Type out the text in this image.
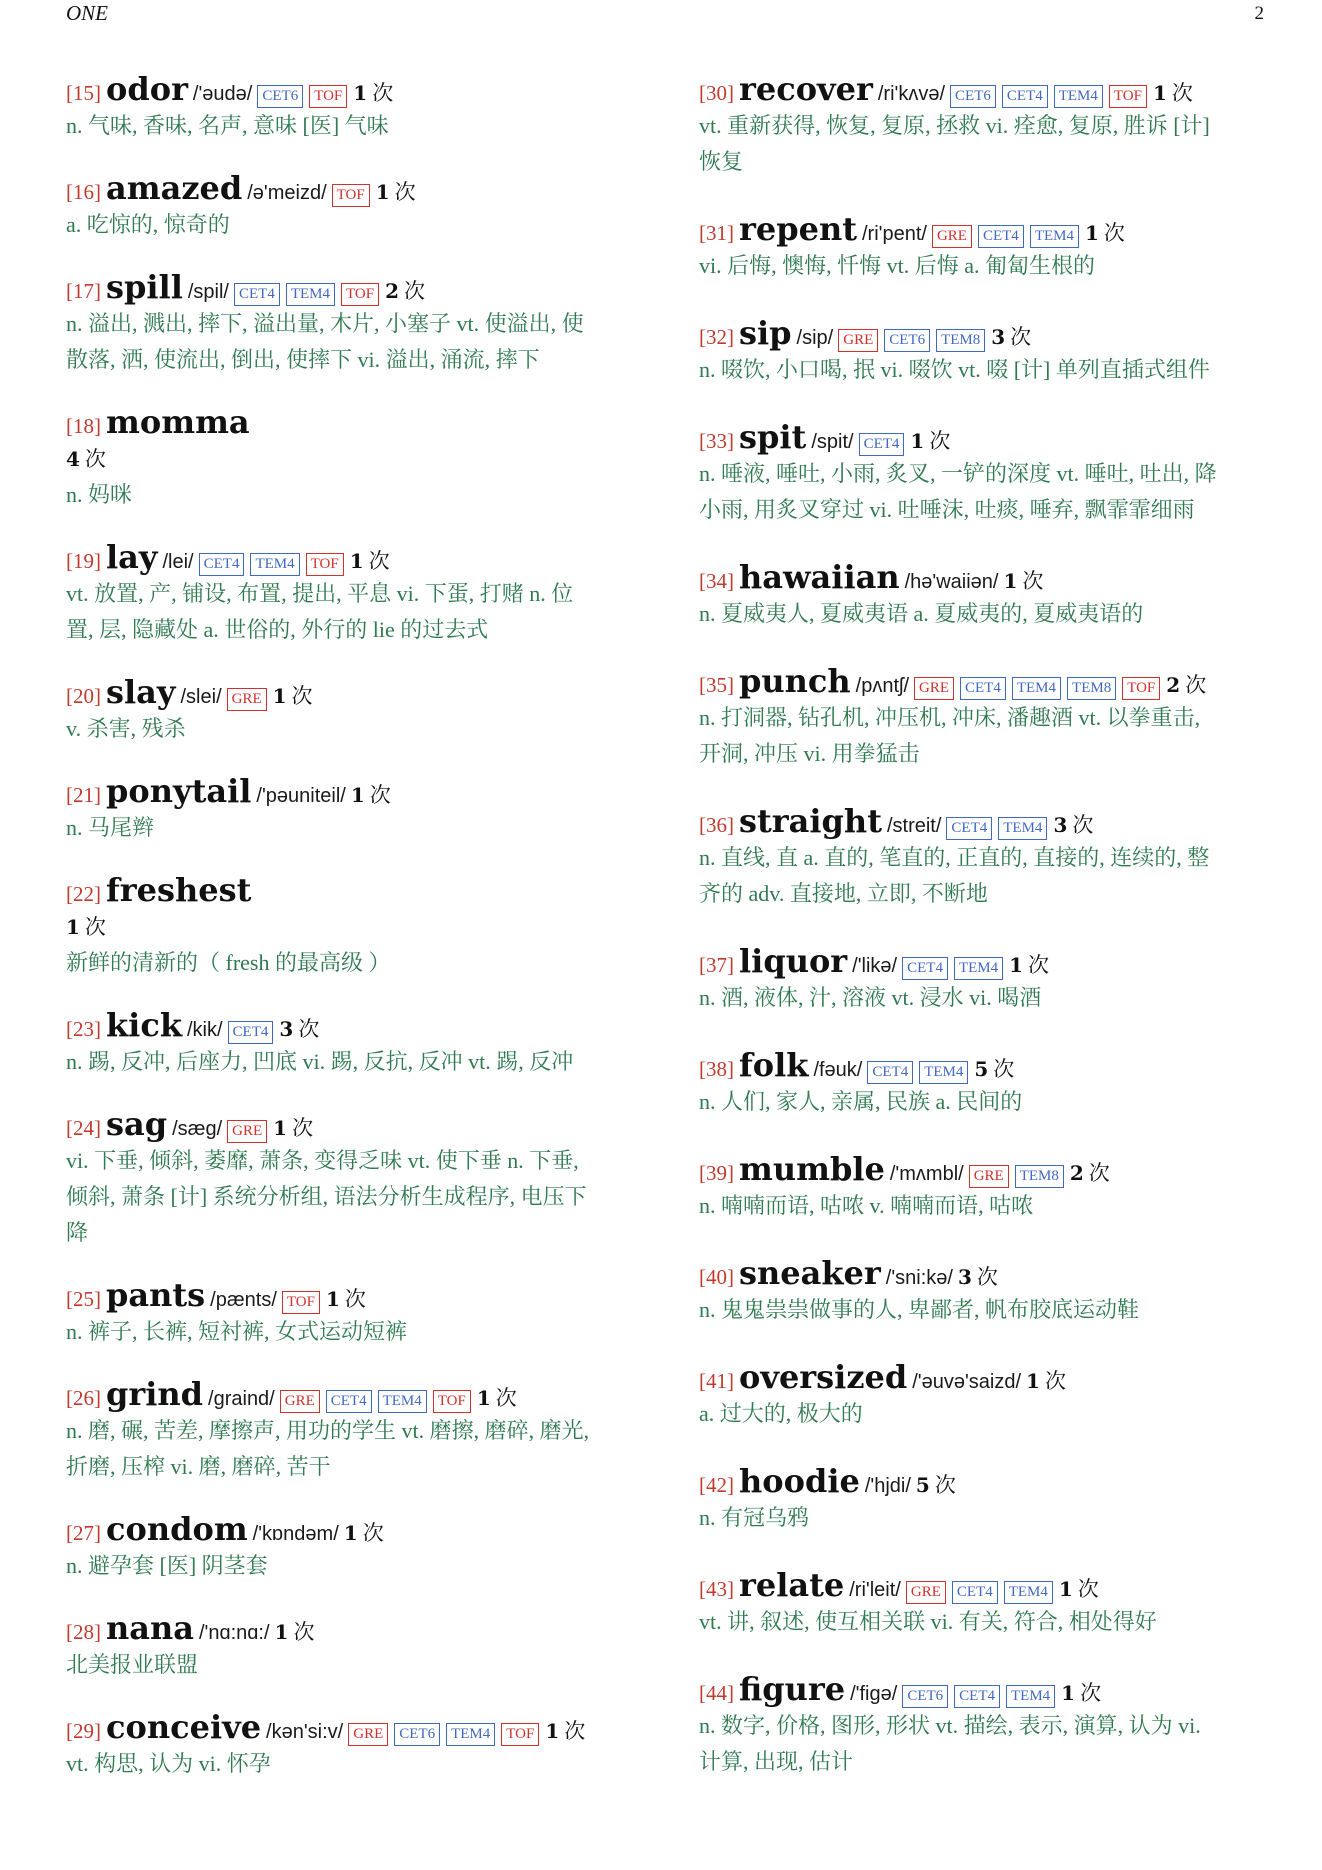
ONE	2
[15] odor /'əudə/ CET6 TOF 1 次
n. 气味, 香味, 名声, 意味 [医] 气味
[16] amazed /ə'meizd/ TOF 1 次
a. 吃惊的, 惊奇的
[17] spill /spil/ CET4 TEM4 TOF 2 次
n. 溢出, 溅出, 摔下, 溢出量, 木片, 小塞子 vt. 使溢出, 使
散落, 洒, 使流出, 倒出, 使摔下 vi. 溢出, 涌流, 摔下
[18] momma
4 次
n. 妈咪
[19] lay /lei/ CET4 TEM4 TOF 1 次
vt. 放置, 产, 铺设, 布置, 提出, 平息 vi. 下蛋, 打赌 n. 位
置, 层, 隐藏处 a. 世俗的, 外行的 lie 的过去式
[20] slay /slei/ GRE 1 次
v. 杀害, 残杀
[21] ponytail /'pəuniteil/ 1 次
n. 马尾辫
[22] freshest
1 次
新鲜的清新的（ fresh 的最高级 ）
[23] kick /kik/ CET4 3 次
n. 踢, 反冲, 后座力, 凹底 vi. 踢, 反抗, 反冲 vt. 踢, 反冲
[24] sag /sæg/ GRE 1 次
vi. 下垂, 倾斜, 萎靡, 萧条, 变得乏味 vt. 使下垂 n. 下垂,
倾斜, 萧条 [计] 系统分析组, 语法分析生成程序, 电压下
降
[25] pants /pænts/ TOF 1 次
n. 裤子, 长裤, 短衬裤, 女式运动短裤
[26] grind /graind/ GRE CET4 TEM4 TOF 1 次
n. 磨, 碾, 苦差, 摩擦声, 用功的学生 vt. 磨擦, 磨碎, 磨光,
折磨, 压榨 vi. 磨, 磨碎, 苦干
[27] condom /'kɒndəm/ 1 次
n. 避孕套 [医] 阴茎套
[28] nana /'nɑ:nɑ:/ 1 次
北美报业联盟
[29] conceive /kən'si:v/ GRE CET6 TEM4 TOF 1 次
vt. 构思, 认为 vi. 怀孕
[30] recover /ri'kʌvə/ CET6 CET4 TEM4 TOF 1 次
vt. 重新获得, 恢复, 复原, 拯救 vi. 痊愈, 复原, 胜诉 [计]
恢复
[31] repent /ri'pent/ GRE CET4 TEM4 1 次
vi. 后悔, 懊悔, 忏悔 vt. 后悔 a. 匍匐生根的
[32] sip /sip/ GRE CET6 TEM8 3 次
n. 啜饮, 小口喝, 抿 vi. 啜饮 vt. 啜 [计] 单列直插式组件
[33] spit /spit/ CET4 1 次
n. 唾液, 唾吐, 小雨, 炙叉, 一铲的深度 vt. 唾吐, 吐出, 降
小雨, 用炙叉穿过 vi. 吐唾沫, 吐痰, 唾弃, 飘霏霏细雨
[34] hawaiian /hə'waiiən/ 1 次
n. 夏威夷人, 夏威夷语 a. 夏威夷的, 夏威夷语的
[35] punch /pʌntʃ/ GRE CET4 TEM4 TEM8 TOF 2 次
n. 打洞器, 钻孔机, 冲压机, 冲床, 潘趣酒 vt. 以拳重击,
开洞, 冲压 vi. 用拳猛击
[36] straight /streit/ CET4 TEM4 3 次
n. 直线, 直 a. 直的, 笔直的, 正直的, 直接的, 连续的, 整
齐的 adv. 直接地, 立即, 不断地
[37] liquor /'likə/ CET4 TEM4 1 次
n. 酒, 液体, 汁, 溶液 vt. 浸水 vi. 喝酒
[38] folk /fəuk/ CET4 TEM4 5 次
n. 人们, 家人, 亲属, 民族 a. 民间的
[39] mumble /'mʌmbl/ GRE TEM8 2 次
n. 喃喃而语, 咕哝 v. 喃喃而语, 咕哝
[40] sneaker /'sni:kə/ 3 次
n. 鬼鬼祟祟做事的人, 卑鄙者, 帆布胶底运动鞋
[41] oversized /'əuvə'saizd/ 1 次
a. 过大的, 极大的
[42] hoodie /'hjdi/ 5 次
n. 有冠乌鸦
[43] relate /ri'leit/ GRE CET4 TEM4 1 次
vt. 讲, 叙述, 使互相关联 vi. 有关, 符合, 相处得好
[44] figure /'figə/ CET6 CET4 TEM4 1 次
n. 数字, 价格, 图形, 形状 vt. 描绘, 表示, 演算, 认为 vi.
计算, 出现, 估计
